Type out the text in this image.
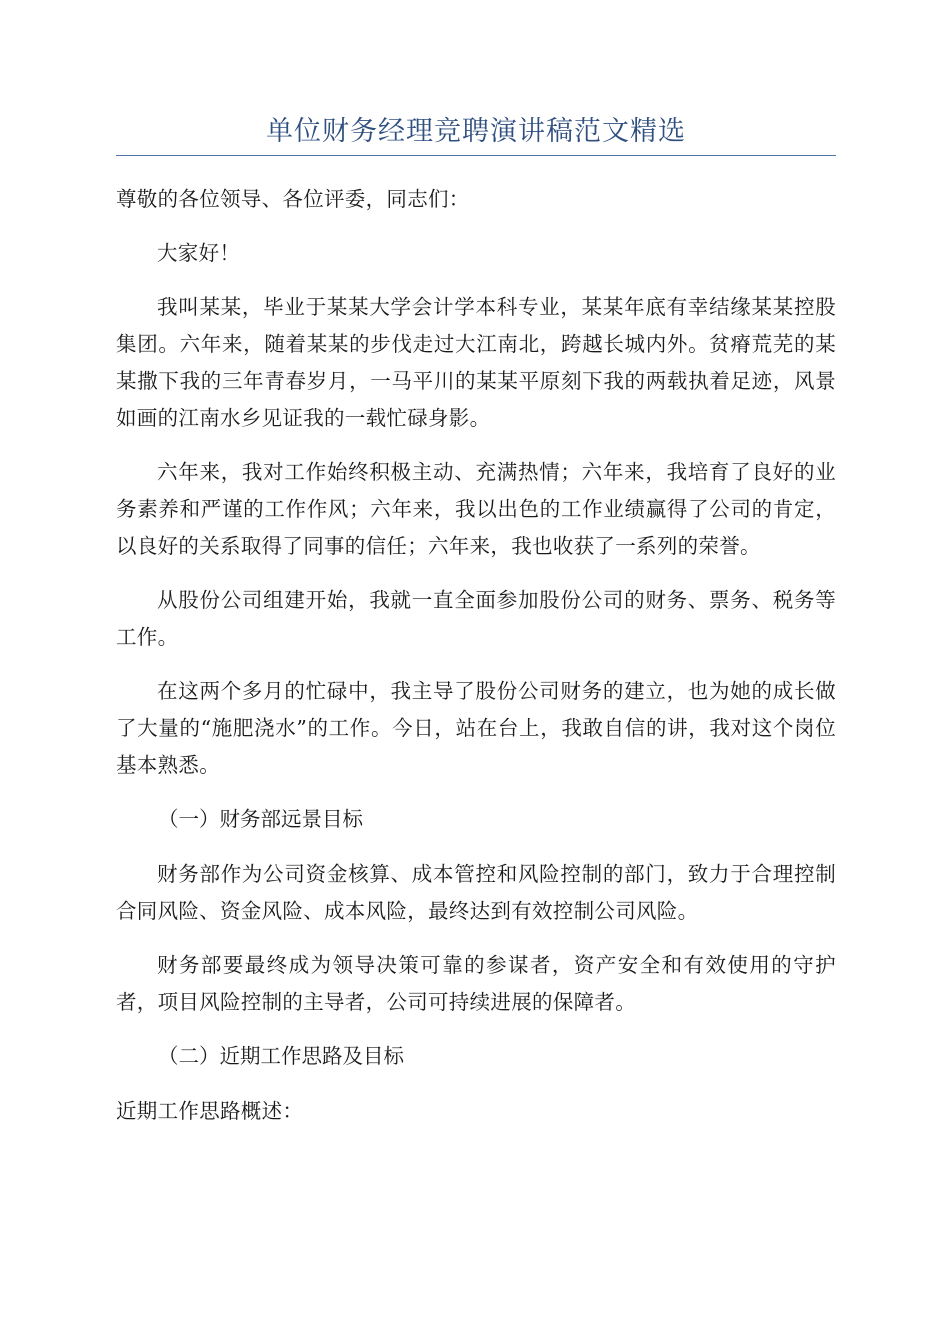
单位财务经理竞聘演讲稿范文精选

尊敬的各位领导、各位评委，同志们：

大家好！

我叫某某，毕业于某某大学会计学本科专业，某某年底有幸结缘某某控股集团。六年来，随着某某的步伐走过大江南北，跨越长城内外。贫瘠荒芜的某某撒下我的三年青春岁月，一马平川的某某平原刻下我的两载执着足迹，风景如画的江南水乡见证我的一载忙碌身影。

六年来，我对工作始终积极主动、充满热情；六年来，我培育了良好的业务素养和严谨的工作作风；六年来，我以出色的工作业绩赢得了公司的肯定，以良好的关系取得了同事的信任；六年来，我也收获了一系列的荣誉。

从股份公司组建开始，我就一直全面参加股份公司的财务、票务、税务等工作。

在这两个多月的忙碌中，我主导了股份公司财务的建立，也为她的成长做了大量的“施肥浇水”的工作。今日，站在台上，我敢自信的讲，我对这个岗位基本熟悉。

（一）财务部远景目标

财务部作为公司资金核算、成本管控和风险控制的部门，致力于合理控制合同风险、资金风险、成本风险，最终达到有效控制公司风险。

财务部要最终成为领导决策可靠的参谋者，资产安全和有效使用的守护者，项目风险控制的主导者，公司可持续进展的保障者。

（二）近期工作思路及目标

近期工作思路概述：
